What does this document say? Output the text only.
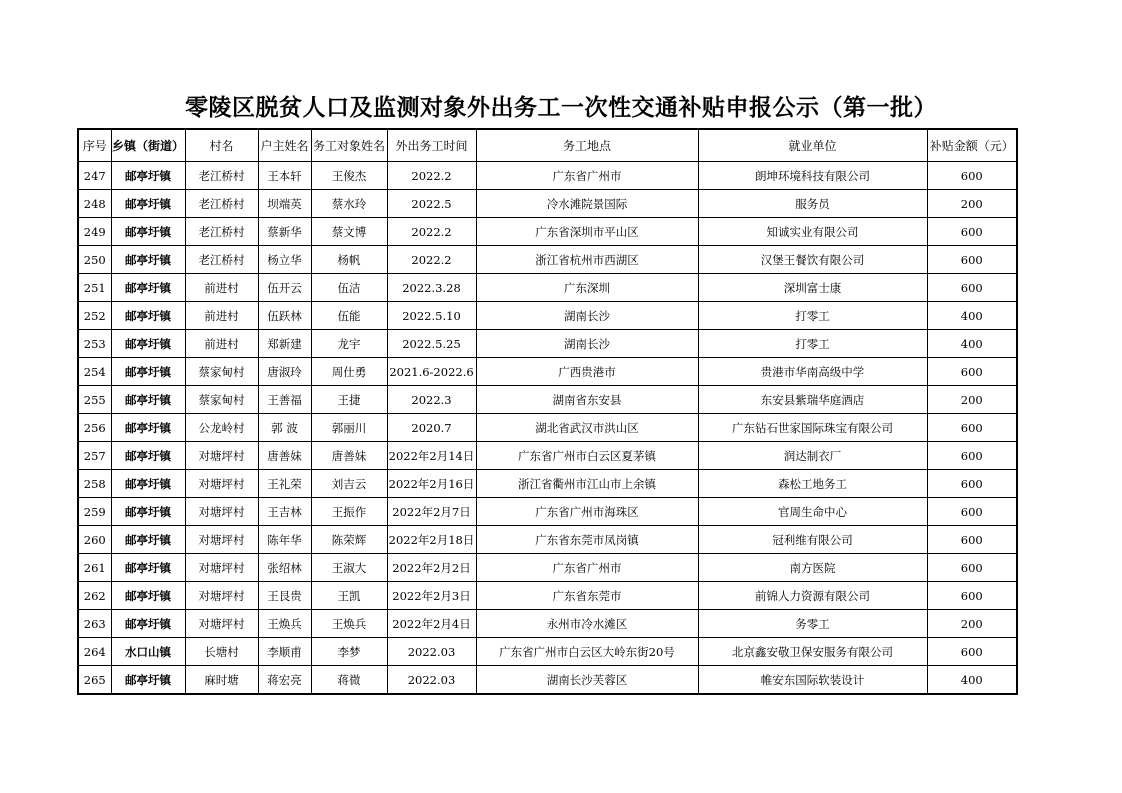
零陵区脱贫人口及监测对象外出务工一次性交通补贴申报公示（第一批）
序号	乡镇（街道）	村名	户主姓名	务工对象姓名	外出务工时间	务工地点	就业单位	补贴金额（元）
247	邮亭圩镇	老江桥村	王本轩	王俊杰	2022.2	广东省广州市	朗坤环境科技有限公司	600
248	邮亭圩镇	老江桥村	坝端英	蔡水玲	2022.5	冷水滩院景国际	服务员	200
249	邮亭圩镇	老江桥村	蔡新华	蔡文博	2022.2	广东省深圳市平山区	知诚实业有限公司	600
250	邮亭圩镇	老江桥村	杨立华	杨帆	2022.2	浙江省杭州市西湖区	汉堡王餐饮有限公司	600
251	邮亭圩镇	前进村	伍开云	伍洁	2022.3.28	广东深圳	深圳富士康	600
252	邮亭圩镇	前进村	伍跃林	伍能	2022.5.10	湖南长沙	打零工	400
253	邮亭圩镇	前进村	郑新建	龙宇	2022.5.25	湖南长沙	打零工	400
254	邮亭圩镇	蔡家甸村	唐淑玲	周仕勇	2021.6-2022.6	广西贵港市	贵港市华南高级中学	600
255	邮亭圩镇	蔡家甸村	王善福	王捷	2022.3	湖南省东安县	东安县紫瑞华庭酒店	200
256	邮亭圩镇	公龙岭村	郭 波	郭丽川	2020.7	湖北省武汉市洪山区	广东钻石世家国际珠宝有限公司	600
257	邮亭圩镇	对塘坪村	唐善妹	唐善妹	2022年2月14日	广东省广州市白云区夏茅镇	润达制衣厂	600
258	邮亭圩镇	对塘坪村	王礼荣	刘吉云	2022年2月16日	浙江省衢州市江山市上余镇	森松工地务工	600
259	邮亭圩镇	对塘坪村	王吉林	王振作	2022年2月7日	广东省广州市海珠区	官周生命中心	600
260	邮亭圩镇	对塘坪村	陈年华	陈荣辉	2022年2月18日	广东省东莞市凤岗镇	冠利维有限公司	600
261	邮亭圩镇	对塘坪村	张绍林	王淑大	2022年2月2日	广东省广州市	南方医院	600
262	邮亭圩镇	对塘坪村	王艮贵	王凯	2022年2月3日	广东省东莞市	前锦人力资源有限公司	600
263	邮亭圩镇	对塘坪村	王焕兵	王焕兵	2022年2月4日	永州市冷水滩区	务零工	200
264	水口山镇	长塘村	李顺甫	李梦	2022.03	广东省广州市白云区大岭东街20号	北京鑫安敬卫保安服务有限公司	600
265	邮亭圩镇	麻时塘	蒋宏亮	蒋微	2022.03	湖南长沙芙蓉区	帷安东国际软装设计	400
